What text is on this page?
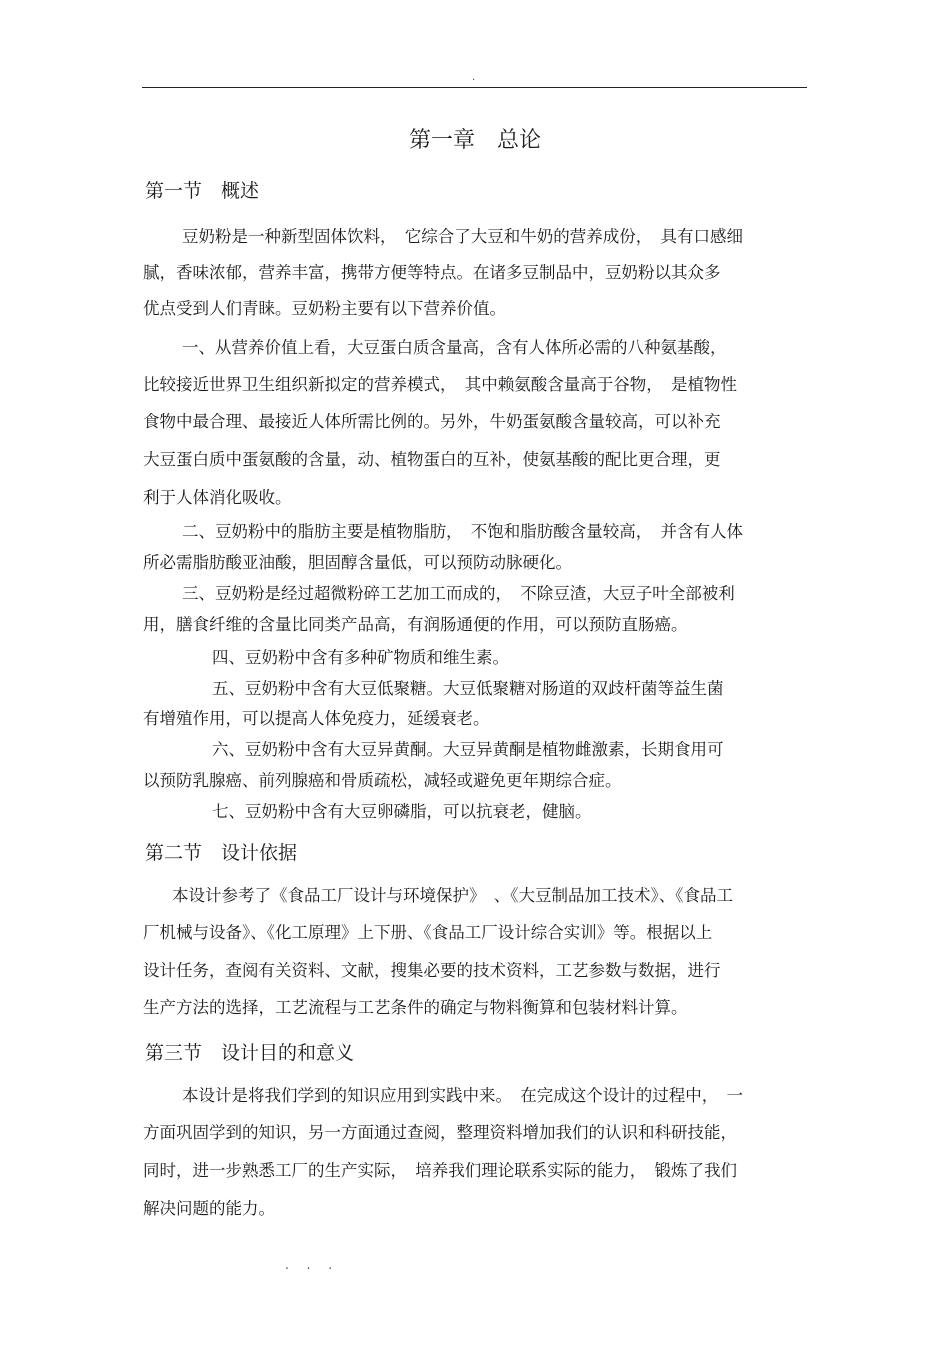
.
第一章　总论
第一节　概述
豆奶粉是一种新型固体饮料，　它综合了大豆和牛奶的营养成份，　具有口感细
腻，香味浓郁，营养丰富，携带方便等特点。在诸多豆制品中，豆奶粉以其众多
优点受到人们青睐。豆奶粉主要有以下营养价值。
一、从营养价值上看，大豆蛋白质含量高，含有人体所必需的八种氨基酸，
比较接近世界卫生组织新拟定的营养模式，　其中赖氨酸含量高于谷物，　是植物性
食物中最合理、最接近人体所需比例的。另外，牛奶蛋氨酸含量较高，可以补充
大豆蛋白质中蛋氨酸的含量，动、植物蛋白的互补，使氨基酸的配比更合理，更
利于人体消化吸收。
二、豆奶粉中的脂肪主要是植物脂肪，　不饱和脂肪酸含量较高，　并含有人体
所必需脂肪酸亚油酸，胆固醇含量低，可以预防动脉硬化。
三、豆奶粉是经过超微粉碎工艺加工而成的，　不除豆渣，大豆子叶全部被利
用，膳食纤维的含量比同类产品高，有润肠通便的作用，可以预防直肠癌。
四、豆奶粉中含有多种矿物质和维生素。
五、豆奶粉中含有大豆低聚糖。大豆低聚糖对肠道的双歧杆菌等益生菌
有增殖作用，可以提高人体免疫力，延缓衰老。
六、豆奶粉中含有大豆异黄酮。大豆异黄酮是植物雌激素，长期食用可
以预防乳腺癌、前列腺癌和骨质疏松，减轻或避免更年期综合症。
七、豆奶粉中含有大豆卵磷脂，可以抗衰老，健脑。
第二节　设计依据
本设计参考了《食品工厂设计与环境保护》　、《大豆制品加工技术》、《食品工
厂机械与设备》、《化工原理》上下册、《食品工厂设计综合实训》等。根据以上
设计任务，查阅有关资料、文献，搜集必要的技术资料，工艺参数与数据，进行
生产方法的选择，工艺流程与工艺条件的确定与物料衡算和包装材料计算。
第三节　设计目的和意义
本设计是将我们学到的知识应用到实践中来。　在完成这个设计的过程中，　一
方面巩固学到的知识，另一方面通过查阅，整理资料增加我们的认识和科研技能，
同时，进一步熟悉工厂的生产实际，　培养我们理论联系实际的能力，　锻炼了我们
解决问题的能力。
. . .
